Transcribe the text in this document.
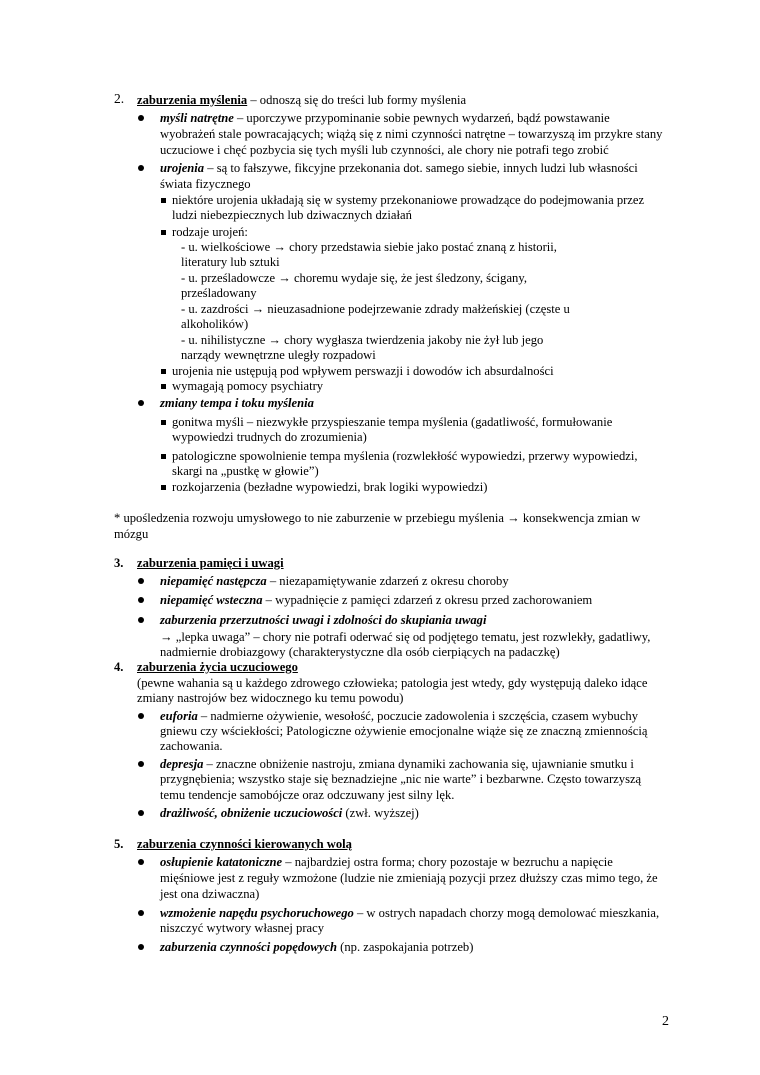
2. zaburzenia myślenia – odnoszą się do treści lub formy myślenia
myśli natrętne – uporczywe przypominanie sobie pewnych wydarzeń, bądź powstawanie
wyobrażeń stale powracających; wiążą się z nimi czynności natrętne – towarzyszą im przykre stany
uczuciowe i chęć pozbycia się tych myśli lub czynności, ale chory nie potrafi tego zrobić
urojenia – są to fałszywe, fikcyjne przekonania dot. samego siebie, innych ludzi lub własności
świata fizycznego
niektóre urojenia układają się w systemy przekonaniowe prowadzące do podejmowania przez
ludzi niebezpiecznych lub dziwacznych działań
rodzaje urojeń:
- u. wielkościowe → chory przedstawia siebie jako postać znaną z historii,
literatury lub sztuki
- u. prześladowcze → choremu wydaje się, że jest śledzony, ścigany,
prześladowany
- u. zazdrości → nieuzasadnione podejrzewanie zdrady małżeńskiej (częste u
alkoholików)
- u. nihilistyczne → chory wygłasza twierdzenia jakoby nie żył lub jego
narządy wewnętrzne uległy rozpadowi
urojenia nie ustępują pod wpływem perswazji i dowodów ich absurdalności
wymagają pomocy psychiatry
zmiany tempa i toku myślenia
gonitwa myśli – niezwykłe przyspieszanie tempa myślenia (gadatliwość, formułowanie
wypowiedzi trudnych do zrozumienia)
patologiczne spowolnienie tempa myślenia (rozwlekłość wypowiedzi, przerwy wypowiedzi,
skargi na „pustkę w głowie”)
rozkojarzenia (bezładne wypowiedzi, brak logiki wypowiedzi)
* upośledzenia rozwoju umysłowego to nie zaburzenie w przebiegu myślenia → konsekwencja zmian w
mózgu
3. zaburzenia pamięci i uwagi
niepamięć następcza – niezapamiętywanie zdarzeń z okresu choroby
niepamięć wsteczna – wypadnięcie z pamięci zdarzeń z okresu przed zachorowaniem
zaburzenia przerzutności uwagi i zdolności do skupiania uwagi
→ „lepka uwaga” – chory nie potrafi oderwać się od podjętego tematu, jest rozwlekły, gadatliwy,
nadmiernie drobiazgowy (charakterystyczne dla osób cierpiących na padaczkę)
4. zaburzenia życia uczuciowego
(pewne wahania są u każdego zdrowego człowieka; patologia jest wtedy, gdy występują daleko idące
zmiany nastrojów bez widocznego ku temu powodu)
euforia – nadmierne ożywienie, wesołość, poczucie zadowolenia i szczęścia, czasem wybuchy
gniewu czy wściekłości; Patologiczne ożywienie emocjonalne wiąże się ze znaczną zmiennością
zachowania.
depresja – znaczne obniżenie nastroju, zmiana dynamiki zachowania się, ujawnianie smutku i
przygnębienia; wszystko staje się beznadziejne „nic nie warte” i bezbarwne. Często towarzyszą
temu tendencje samobójcze oraz odczuwany jest silny lęk.
drażliwość, obniżenie uczuciowości (zwł. wyższej)
5. zaburzenia czynności kierowanych wolą
osłupienie katatoniczne – najbardziej ostra forma; chory pozostaje w bezruchu a napięcie
mięśniowe jest z reguły wzmożone (ludzie nie zmieniają pozycji przez dłuższy czas mimo tego, że
jest ona dziwaczna)
wzmożenie napędu psychoruchowego – w ostrych napadach chorzy mogą demolować mieszkania,
niszczyć wytwory własnej pracy
zaburzenia czynności popędowych (np. zaspokajania potrzeb)
2
